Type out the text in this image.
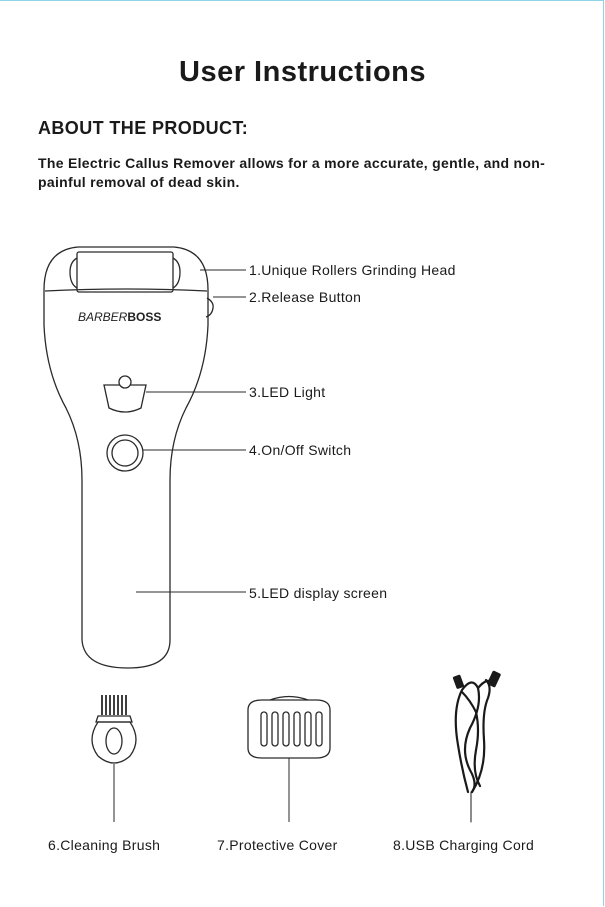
User Instructions
ABOUT THE PRODUCT:
The Electric Callus Remover allows for a more accurate, gentle, and non-painful removal of dead skin.
BARBERBOSS
1.Unique Rollers Grinding Head
2.Release Button
3.LED Light
4.On/Off Switch
5.LED display screen
6.Cleaning Brush	7.Protective Cover	8.USB Charging Cord
